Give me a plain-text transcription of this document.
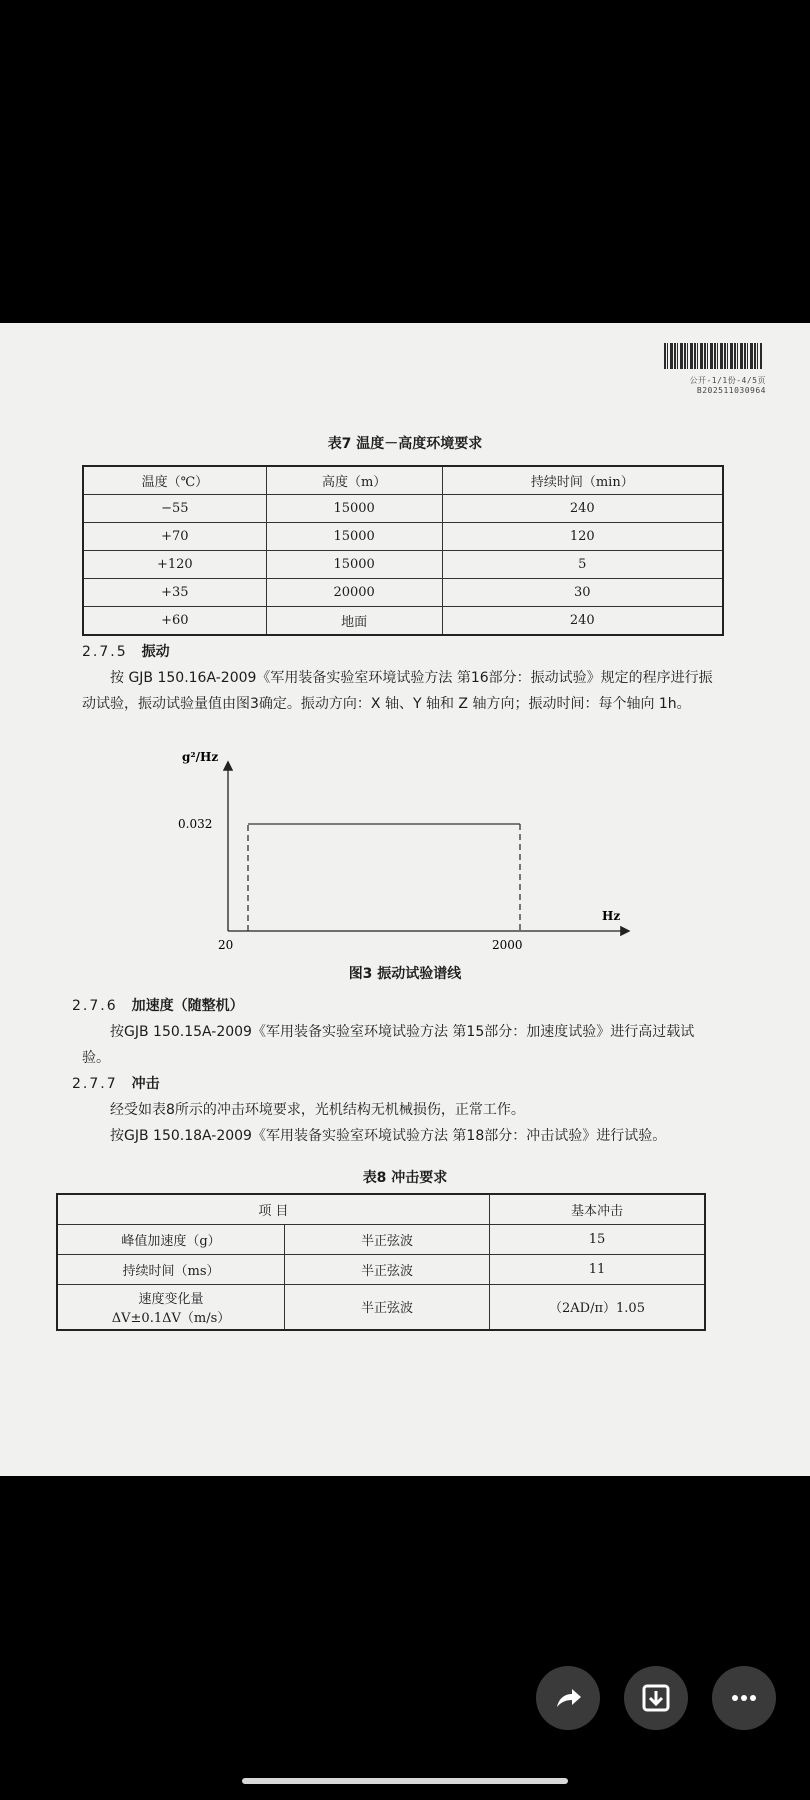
公开-1/1份-4/5页
B202511030964
表7 温度－高度环境要求
温度（℃）	高度（m）	持续时间（min）
−55	15000	240
+70	15000	120
+120	15000	5
+35	20000	30
+60	地面	240
2.7.5 振动
按 GJB 150.16A-2009《军用装备实验室环境试验方法 第16部分：振动试验》规定的程序进行振动试验，振动试验量值由图3确定。振动方向：X 轴、Y 轴和 Z 轴方向；振动时间：每个轴向 1h。
g²/Hz
Hz
0.032
20	2000
图3 振动试验谱线
2.7.6 加速度（随整机）
按GJB 150.15A-2009《军用装备实验室环境试验方法 第15部分：加速度试验》进行高过载试验。
2.7.7 冲击
经受如表8所示的冲击环境要求，光机结构无机械损伤，正常工作。
按GJB 150.18A-2009《军用装备实验室环境试验方法 第18部分：冲击试验》进行试验。
表8 冲击要求
项 目		基本冲击
峰值加速度（g）	半正弦波	15
持续时间（ms）	半正弦波	11

速度变化量
ΔV±0.1ΔV（m/s）	半正弦波	（2AD/π）1.05
